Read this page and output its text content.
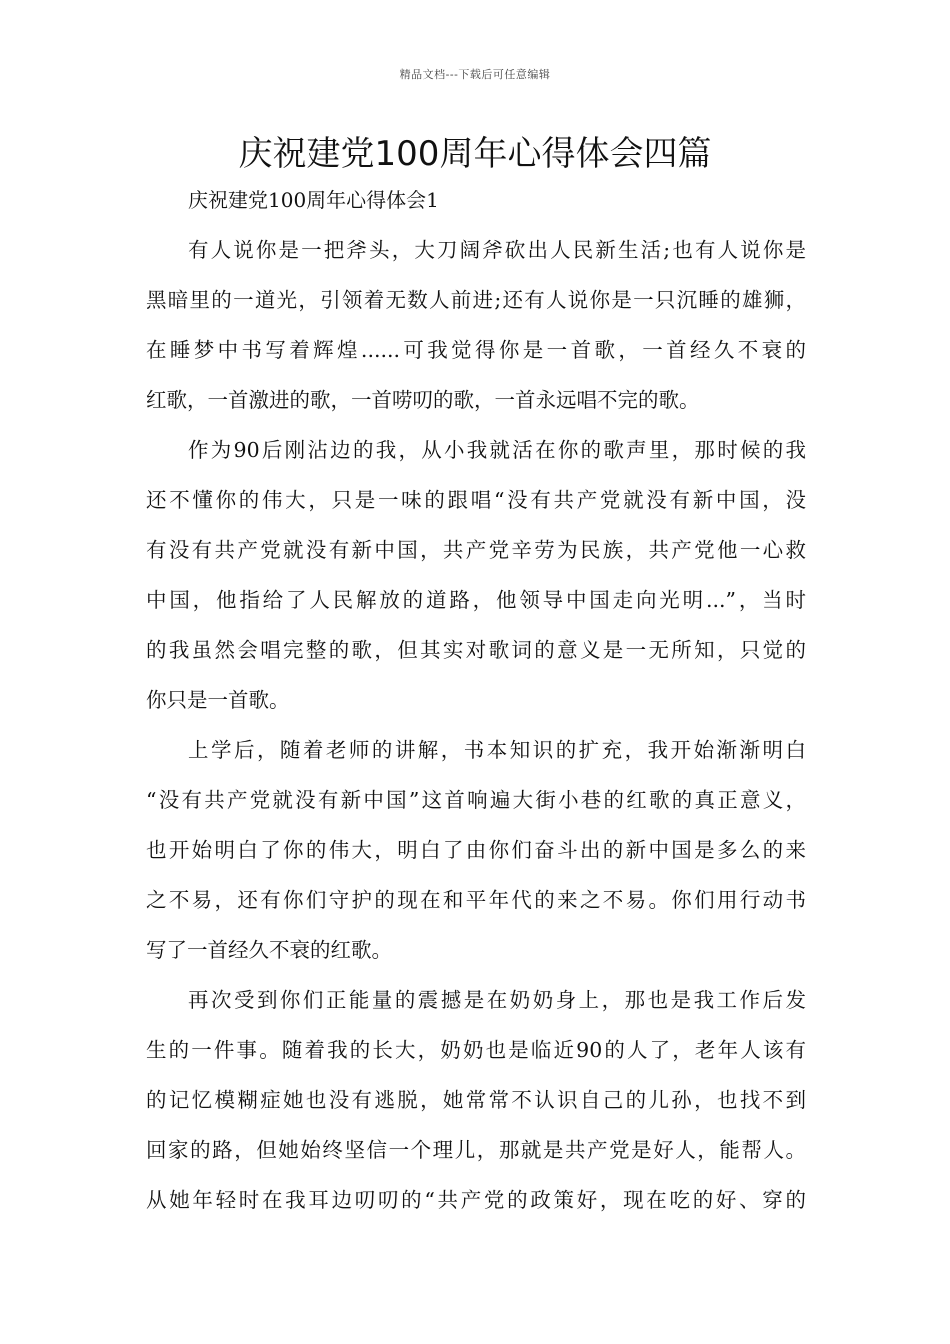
精品文档---下载后可任意编辑
庆祝建党100周年心得体会四篇

庆祝建党100周年心得体会1

有人说你是一把斧头，大刀阔斧砍出人民新生活;也有人说你是
黑暗里的一道光，引领着无数人前进;还有人说你是一只沉睡的雄狮，
在睡梦中书写着辉煌......可我觉得你是一首歌，一首经久不衰的
红歌，一首激进的歌，一首唠叨的歌，一首永远唱不完的歌。
作为90后刚沾边的我，从小我就活在你的歌声里，那时候的我
还不懂你的伟大，只是一味的跟唱“没有共产党就没有新中国，没
有没有共产党就没有新中国，共产党辛劳为民族，共产党他一心救
中国，他指给了人民解放的道路，他领导中国走向光明...”，当时
的我虽然会唱完整的歌，但其实对歌词的意义是一无所知，只觉的
你只是一首歌。
上学后，随着老师的讲解，书本知识的扩充，我开始渐渐明白
“没有共产党就没有新中国”这首响遍大街小巷的红歌的真正意义，
也开始明白了你的伟大，明白了由你们奋斗出的新中国是多么的来
之不易，还有你们守护的现在和平年代的来之不易。你们用行动书
写了一首经久不衰的红歌。
再次受到你们正能量的震撼是在奶奶身上，那也是我工作后发
生的一件事。随着我的长大，奶奶也是临近90的人了，老年人该有
的记忆模糊症她也没有逃脱，她常常不认识自己的儿孙，也找不到
回家的路，但她始终坚信一个理儿，那就是共产党是好人，能帮人。
从她年轻时在我耳边叨叨的“共产党的政策好，现在吃的好、穿的
